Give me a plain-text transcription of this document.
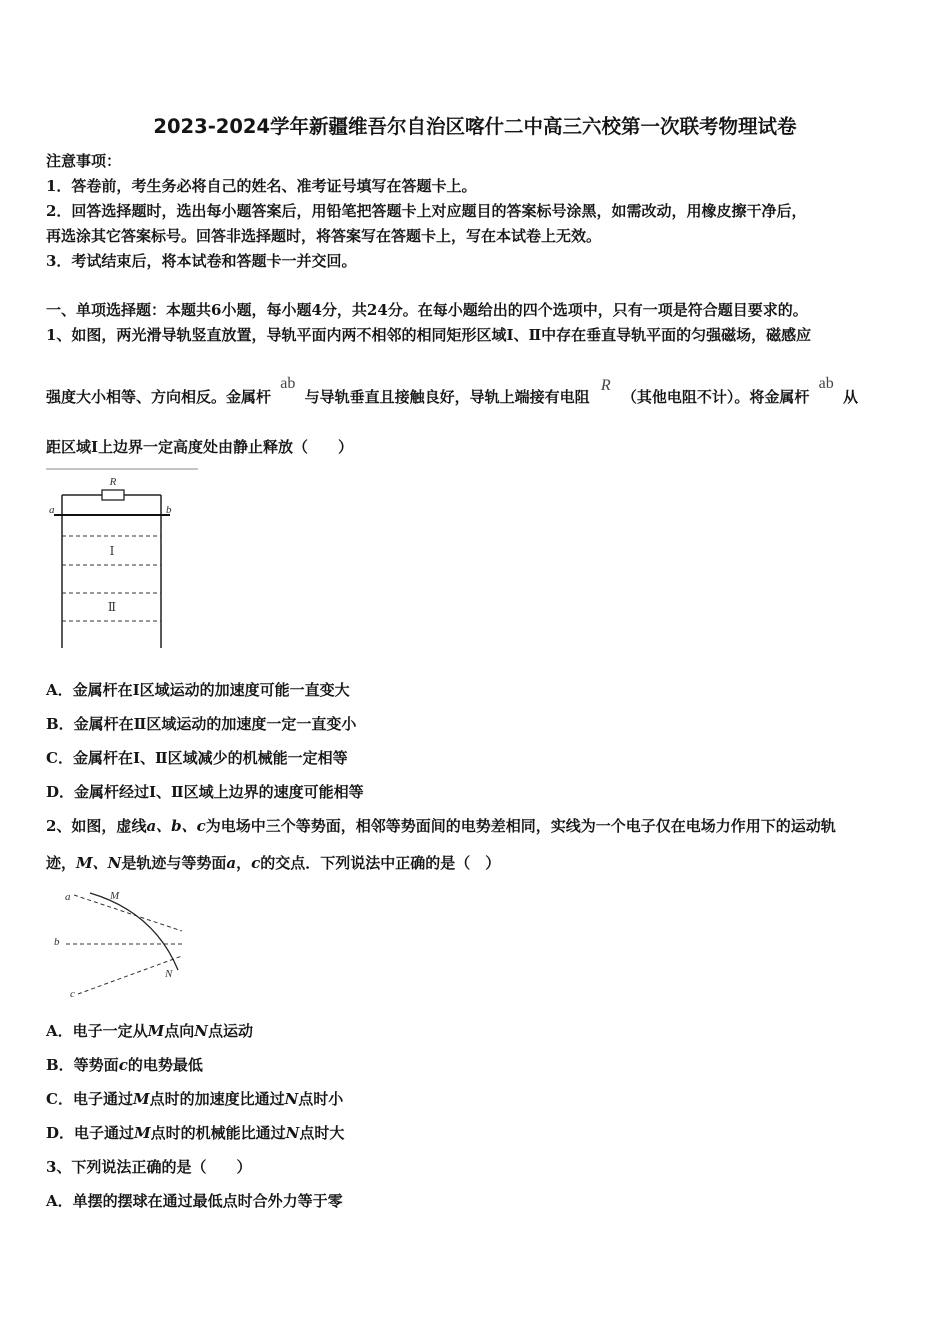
2023-2024学年新疆维吾尔自治区喀什二中高三六校第一次联考物理试卷
注意事项：
1．答卷前，考生务必将自己的姓名、准考证号填写在答题卡上。
2．回答选择题时，选出每小题答案后，用铅笔把答题卡上对应题目的答案标号涂黑，如需改动，用橡皮擦干净后，
再选涂其它答案标号。回答非选择题时，将答案写在答题卡上，写在本试卷上无效。
3．考试结束后，将本试卷和答题卡一并交回。
一、单项选择题：本题共6小题，每小题4分，共24分。在每小题给出的四个选项中，只有一项是符合题目要求的。
1、如图，两光滑导轨竖直放置，导轨平面内两不相邻的相同矩形区域Ⅰ、Ⅱ中存在垂直导轨平面的匀强磁场，磁感应
强度大小相等、方向相反。金属杆 ab 与导轨垂直且接触良好，导轨上端接有电阻 R （其他电阻不计）。将金属杆 ab 从
距区域Ⅰ上边界一定高度处由静止释放（　　）
R
a	b
Ⅰ
Ⅱ
A．金属杆在Ⅰ区域运动的加速度可能一直变大
B．金属杆在Ⅱ区域运动的加速度一定一直变小
C．金属杆在Ⅰ、Ⅱ区域减少的机械能一定相等
D．金属杆经过Ⅰ、Ⅱ区域上边界的速度可能相等
2、如图，虚线a、b、c为电场中三个等势面，相邻等势面间的电势差相同，实线为一个电子仅在电场力作用下的运动轨
迹，M、N是轨迹与等势面a，c的交点．下列说法中正确的是（　）
a
b
c
M
N
A．电子一定从M点向N点运动
B．等势面c的电势最低
C．电子通过M点时的加速度比通过N点时小
D．电子通过M点时的机械能比通过N点时大
3、下列说法正确的是（　　）
A．单摆的摆球在通过最低点时合外力等于零
